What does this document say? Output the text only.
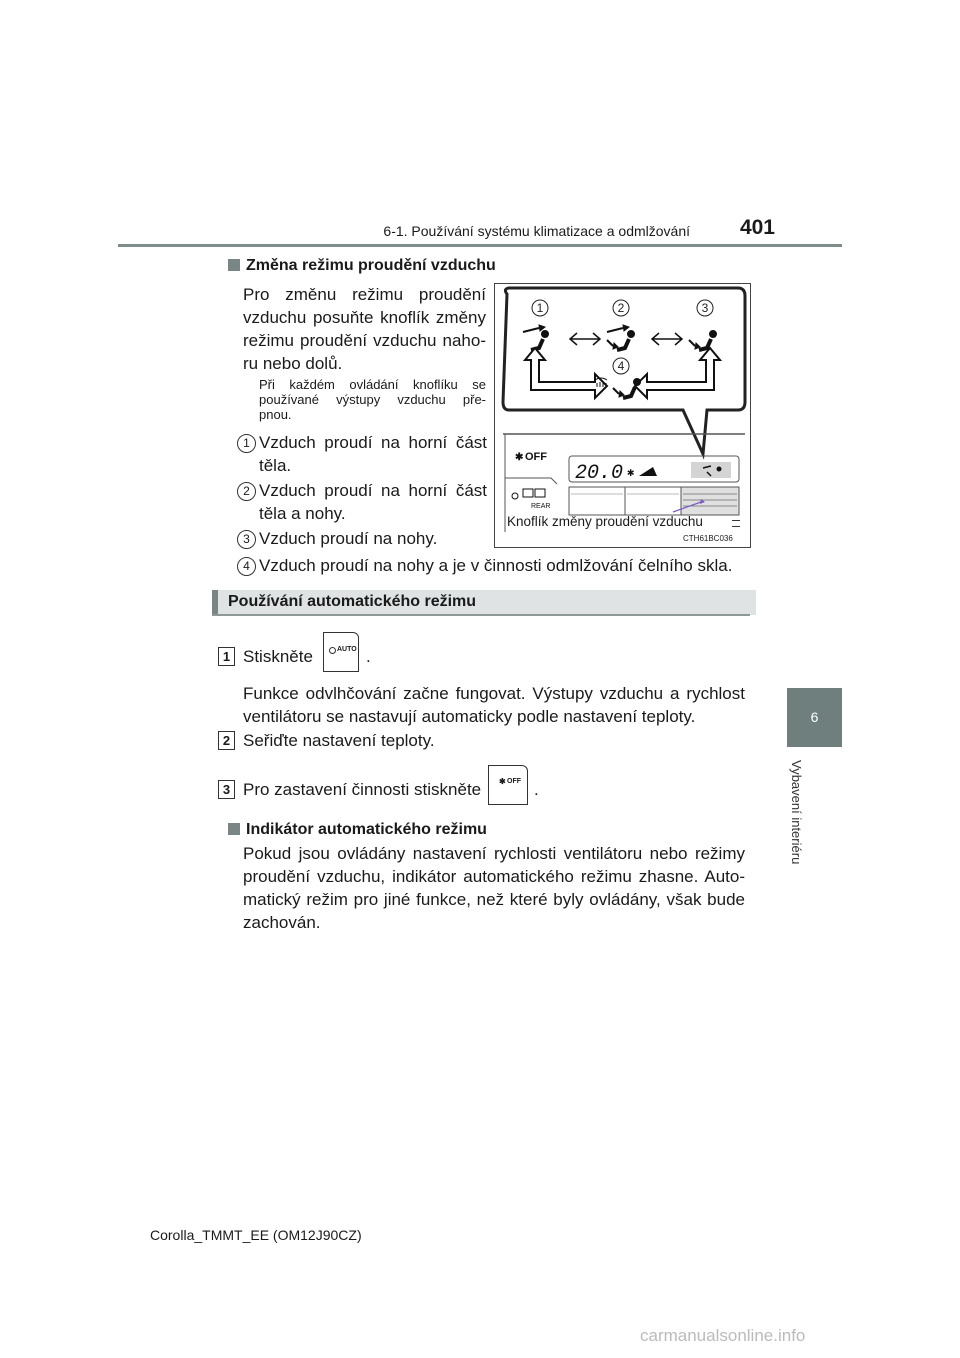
6-1. Používání systému klimatizace a odmlžování	401
6
Vybavení interiéru
Změna režimu proudění vzduchu
Pro změnu režimu proudění
vzduchu posuňte knoflík změny
režimu proudění vzduchu naho-
ru nebo dolů.
Při každém ovládání knoflíku se
používané výstupy vzduchu pře-
pnou.
1 Vzduch proudí na horní část
těla.
2 Vzduch proudí na horní část
těla a nohy.
3 Vzduch proudí na nohy.
4 Vzduch proudí na nohy a je v činnosti odmlžování čelního skla.
1	2	3
4
✱ OFF
20.0 ✱
REAR
Knoflík změny proudění vzduchu
CTH61BC036
Používání automatického režimu
1 Stiskněte	AUTO .
Funkce odvlhčování začne fungovat. Výstupy vzduchu a rychlost
ventilátoru se nastavují automaticky podle nastavení teploty.
2 Seřiďte nastavení teploty.
3 Pro zastavení činnosti stiskněte ✱ OFF .
Indikátor automatického režimu
Pokud jsou ovládány nastavení rychlosti ventilátoru nebo režimy
proudění vzduchu, indikátor automatického režimu zhasne. Auto-
matický režim pro jiné funkce, než které byly ovládány, však bude
zachován.
Corolla_TMMT_EE (OM12J90CZ)
carmanualsonline.info
